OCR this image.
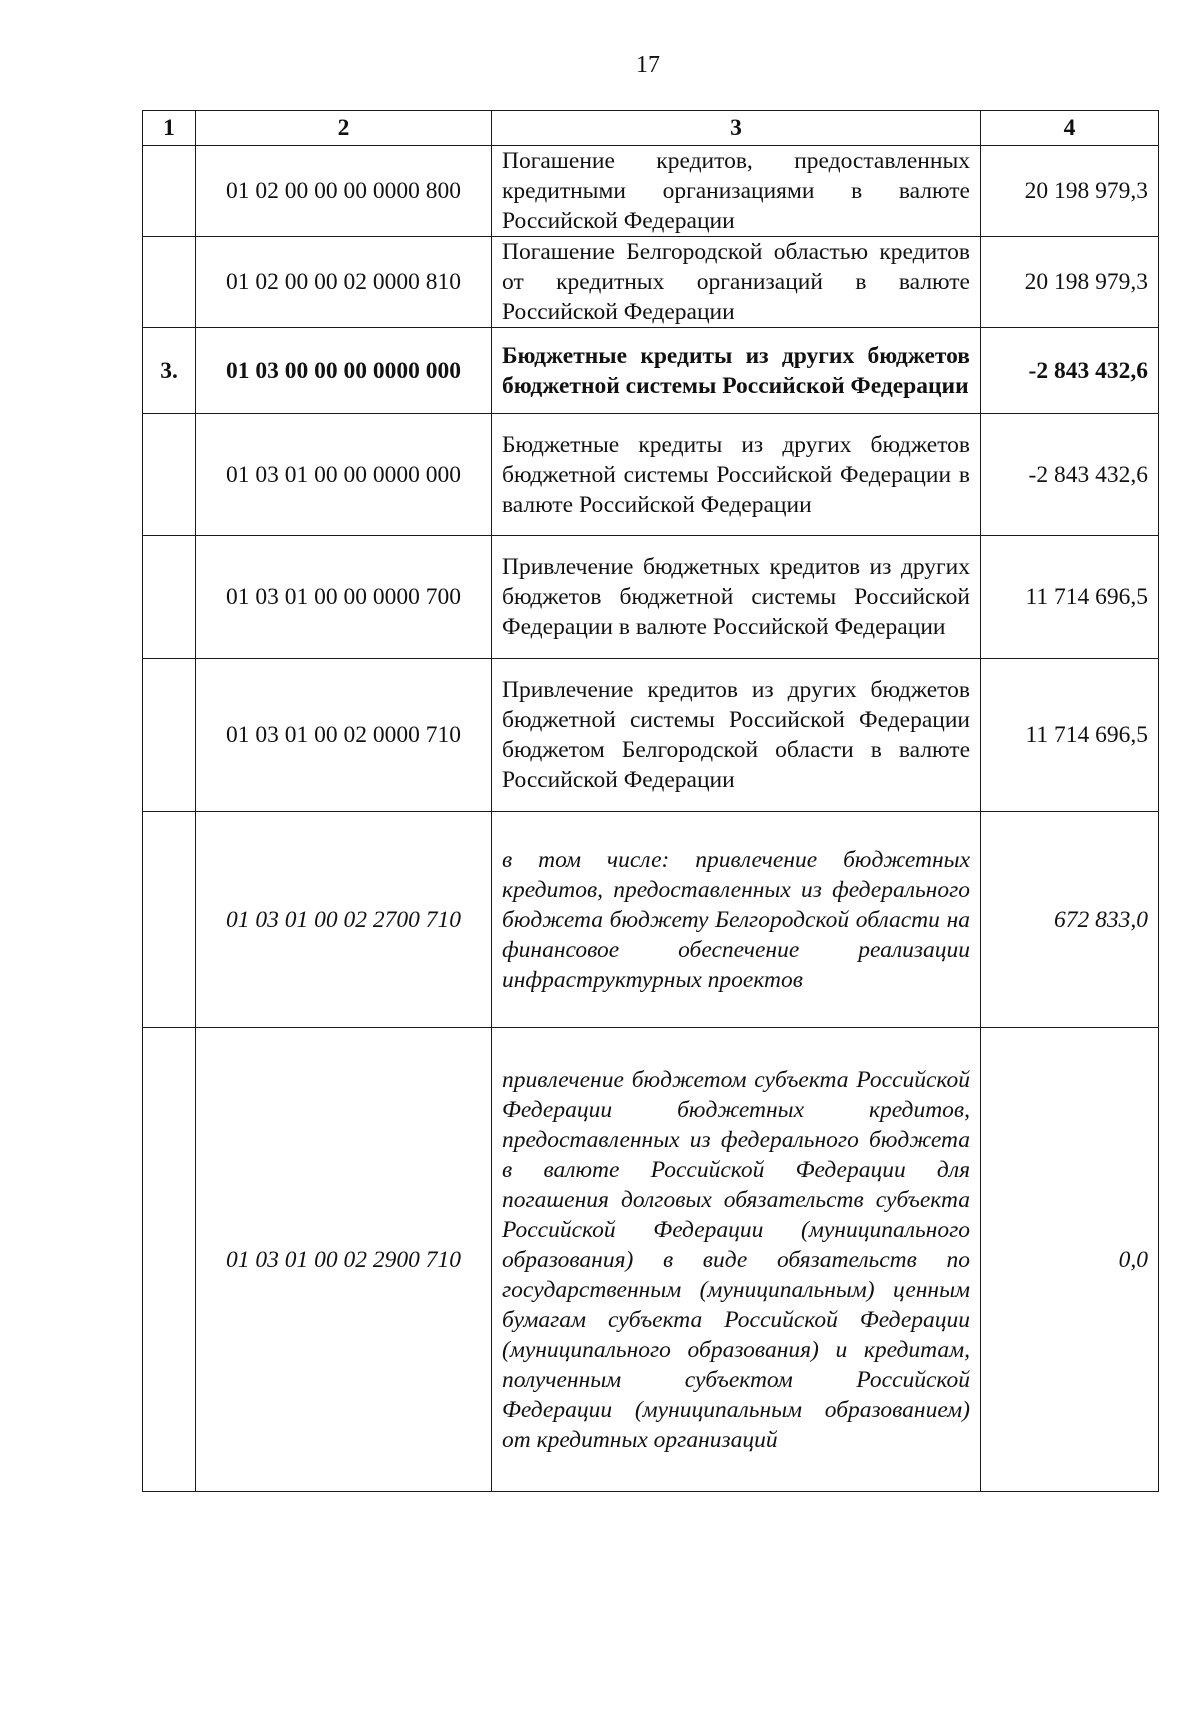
17
1	2	3	4
	01 02 00 00 00 0000 800	Погашение кредитов, предоставленных кредитными организациями в валюте Российской Федерации	20 198 979,3
	01 02 00 00 02 0000 810	Погашение Белгородской областью кредитов от кредитных организаций в валюте Российской Федерации	20 198 979,3
3.	01 03 00 00 00 0000 000	Бюджетные кредиты из других бюджетов бюджетной системы Российской Федерации	-2 843 432,6
	01 03 01 00 00 0000 000	Бюджетные кредиты из других бюджетов бюджетной системы Российской Федерации в валюте Российской Федерации	-2 843 432,6
	01 03 01 00 00 0000 700	Привлечение бюджетных кредитов из других бюджетов бюджетной системы Российской Федерации в валюте Российской Федерации	11 714 696,5
	01 03 01 00 02 0000 710	Привлечение кредитов из других бюджетов бюджетной системы Российской Федерации бюджетом Белгородской области в валюте Российской Федерации	11 714 696,5
	01 03 01 00 02 2700 710	в том числе: привлечение бюджетных кредитов, предоставленных из федерального бюджета бюджету Белгородской области на финансовое обеспечение реализации инфраструктурных проектов	672 833,0
	01 03 01 00 02 2900 710	привлечение бюджетом субъекта Российской Федерации бюджетных кредитов, предоставленных из федерального бюджета в валюте Российской Федерации для погашения долговых обязательств субъекта Российской Федерации (муниципального образования) в виде обязательств по государственным (муниципальным) ценным бумагам субъекта Российской Федерации (муниципального образования) и кредитам, полученным субъектом Российской Федерации (муниципальным образованием) от кредитных организаций	0,0
